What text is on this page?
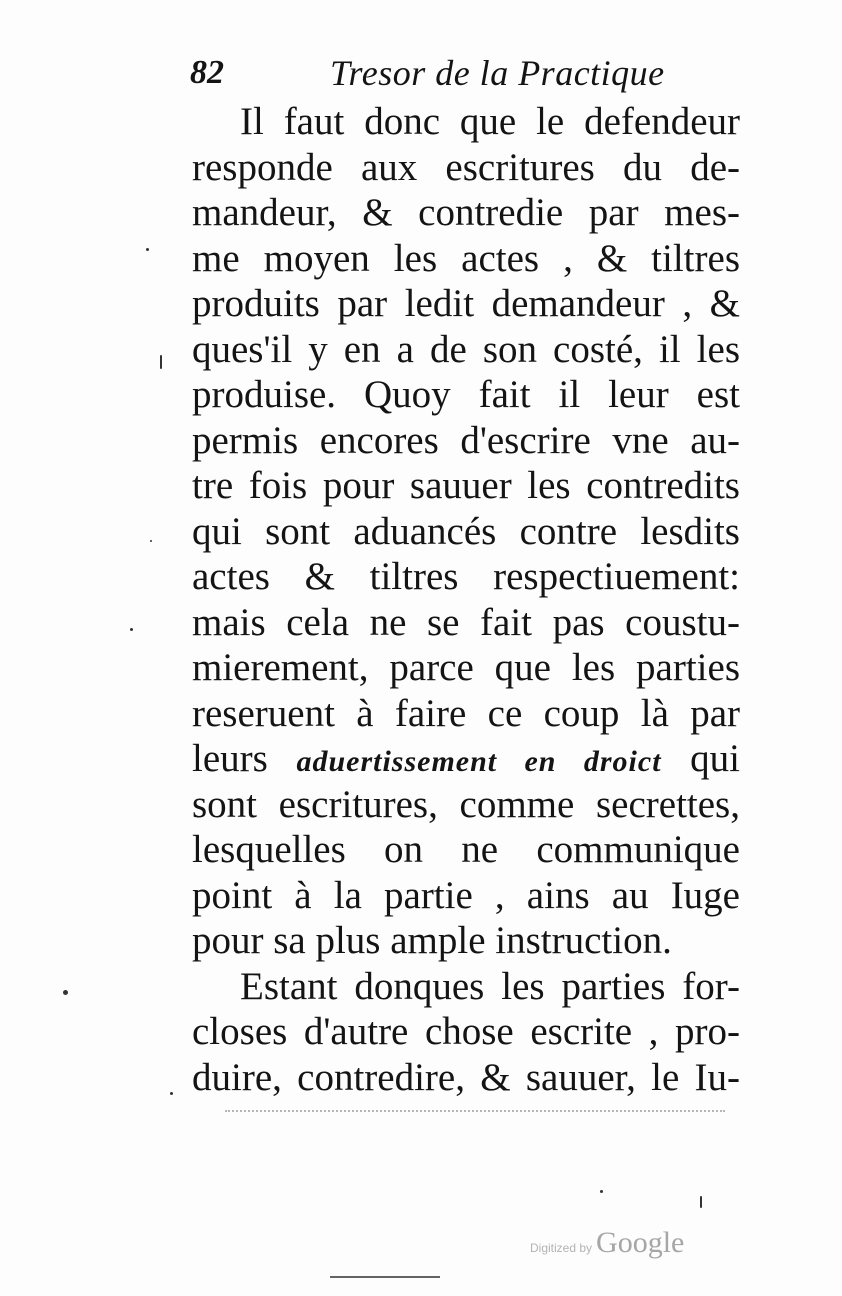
82	Tresor de la Practique
Il faut donc que le defendeur
responde aux escritures du de-
mandeur, & contredie par mes-
me moyen les actes , & tiltres
produits par ledit demandeur , &
ques'il y en a de son costé, il les
produise. Quoy fait il leur est
permis encores d'escrire vne au-
tre fois pour sauuer les contredits
qui sont aduancés contre lesdits
actes & tiltres respectiuement:
mais cela ne se fait pas coustu-
mierement, parce que les parties
reseruent à faire ce coup là par
leurs aduertissement en droict qui
sont escritures, comme secrettes,
lesquelles on ne communique
point à la partie , ains au Iuge
pour sa plus ample instruction.
Estant donques les parties for-
closes d'autre chose escrite , pro-
duire, contredire, & sauuer, le Iu-
Digitized by Google
